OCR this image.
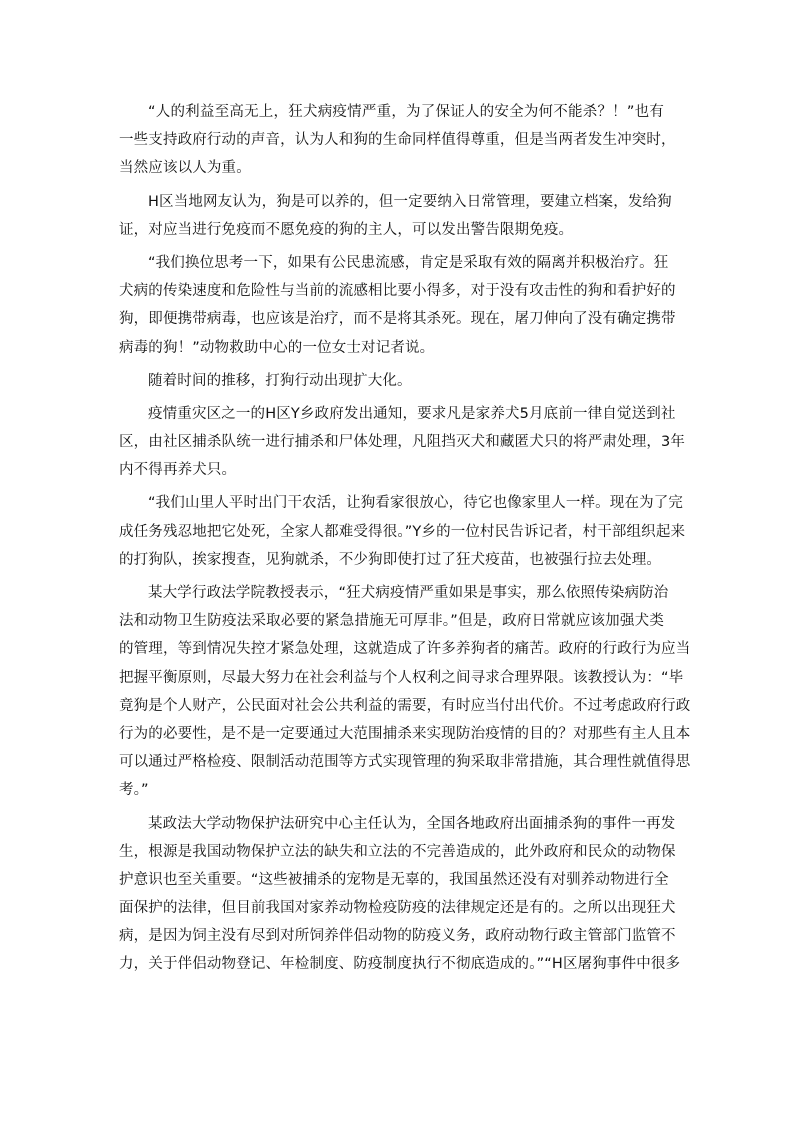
“人的利益至高无上，狂犬病疫情严重，为了保证人的安全为何不能杀？！”也有
一些支持政府行动的声音，认为人和狗的生命同样值得尊重，但是当两者发生冲突时，
当然应该以人为重。
H区当地网友认为，狗是可以养的，但一定要纳入日常管理，要建立档案，发给狗
证，对应当进行免疫而不愿免疫的狗的主人，可以发出警告限期免疫。
“我们换位思考一下，如果有公民患流感，肯定是采取有效的隔离并积极治疗。狂
犬病的传染速度和危险性与当前的流感相比要小得多，对于没有攻击性的狗和看护好的
狗，即便携带病毒，也应该是治疗，而不是将其杀死。现在，屠刀伸向了没有确定携带
病毒的狗！”动物救助中心的一位女士对记者说。
随着时间的推移，打狗行动出现扩大化。
疫情重灾区之一的H区Y乡政府发出通知，要求凡是家养犬5月底前一律自觉送到社
区，由社区捕杀队统一进行捕杀和尸体处理，凡阻挡灭犬和藏匿犬只的将严肃处理，3年
内不得再养犬只。
“我们山里人平时出门干农活，让狗看家很放心，待它也像家里人一样。现在为了完
成任务残忍地把它处死，全家人都难受得很。”Y乡的一位村民告诉记者，村干部组织起来
的打狗队，挨家搜查，见狗就杀，不少狗即使打过了狂犬疫苗，也被强行拉去处理。
某大学行政法学院教授表示，“狂犬病疫情严重如果是事实，那么依照传染病防治
法和动物卫生防疫法采取必要的紧急措施无可厚非。”但是，政府日常就应该加强犬类
的管理，等到情况失控才紧急处理，这就造成了许多养狗者的痛苦。政府的行政行为应当
把握平衡原则，尽最大努力在社会利益与个人权利之间寻求合理界限。该教授认为：“毕
竟狗是个人财产，公民面对社会公共利益的需要，有时应当付出代价。不过考虑政府行政
行为的必要性，是不是一定要通过大范围捕杀来实现防治疫情的目的？对那些有主人且本
可以通过严格检疫、限制活动范围等方式实现管理的狗采取非常措施，其合理性就值得思
考。”
某政法大学动物保护法研究中心主任认为，全国各地政府出面捕杀狗的事件一再发
生，根源是我国动物保护立法的缺失和立法的不完善造成的，此外政府和民众的动物保
护意识也至关重要。“这些被捕杀的宠物是无辜的，我国虽然还没有对驯养动物进行全
面保护的法律，但目前我国对家养动物检疫防疫的法律规定还是有的。之所以出现狂犬
病，是因为饲主没有尽到对所饲养伴侣动物的防疫义务，政府动物行政主管部门监管不
力，关于伴侣动物登记、年检制度、防疫制度执行不彻底造成的。”“H区屠狗事件中很多
